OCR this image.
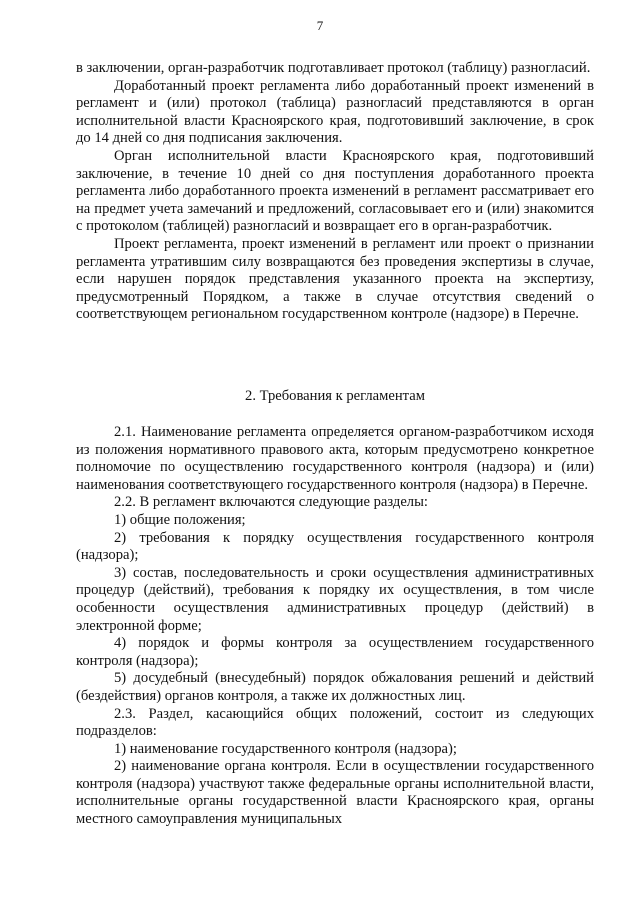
7

в заключении, орган-разработчик подготавливает протокол (таблицу) разногласий.

Доработанный проект регламента либо доработанный проект изменений в регламент и (или) протокол (таблица) разногласий представляются в орган исполнительной власти Красноярского края, подготовивший заключение, в срок до 14 дней со дня подписания заключения.

Орган исполнительной власти Красноярского края, подготовивший заключение, в течение 10 дней со дня поступления доработанного проекта регламента либо доработанного проекта изменений в регламент рассматривает его на предмет учета замечаний и предложений, согласовывает его и (или) знакомится с протоколом (таблицей) разногласий и возвращает его в орган-разработчик.

Проект регламента, проект изменений в регламент или проект о признании регламента утратившим силу возвращаются без проведения экспертизы в случае, если нарушен порядок представления указанного проекта на экспертизу, предусмотренный Порядком, а также в случае отсутствия сведений о соответствующем региональном государственном контроле (надзоре) в Перечне.

2. Требования к регламентам

2.1. Наименование регламента определяется органом-разработчиком исходя из положения нормативного правового акта, которым предусмотрено конкретное полномочие по осуществлению государственного контроля (надзора) и (или) наименования соответствующего государственного контроля (надзора) в Перечне.

2.2. В регламент включаются следующие разделы:

1) общие положения;

2) требования к порядку осуществления государственного контроля (надзора);

3) состав, последовательность и сроки осуществления административных процедур (действий), требования к порядку их осуществления, в том числе особенности осуществления административных процедур (действий) в электронной форме;

4) порядок и формы контроля за осуществлением государственного контроля (надзора);

5) досудебный (внесудебный) порядок обжалования решений и действий (бездействия) органов контроля, а также их должностных лиц.

2.3. Раздел, касающийся общих положений, состоит из следующих подразделов:

1) наименование государственного контроля (надзора);

2) наименование органа контроля. Если в осуществлении государственного контроля (надзора) участвуют также федеральные органы исполнительной власти, исполнительные органы государственной власти Красноярского края, органы местного самоуправления муниципальных
